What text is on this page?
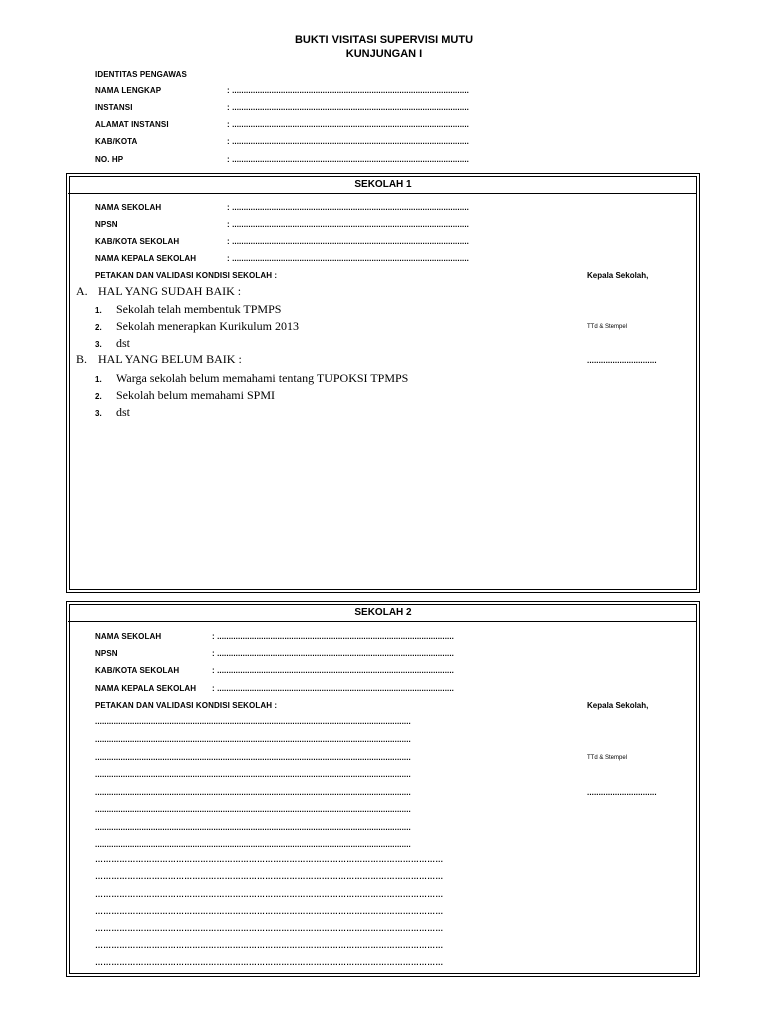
BUKTI VISITASI SUPERVISI MUTU
KUNJUNGAN I
IDENTITAS PENGAWAS
NAMA LENGKAP	: ......................................................................................................
INSTANSI	: ......................................................................................................
ALAMAT INSTANSI	: ......................................................................................................
KAB/KOTA	: ......................................................................................................
NO. HP	: ......................................................................................................
SEKOLAH 1
NAMA SEKOLAH	: ......................................................................................................
NPSN	: ......................................................................................................
KAB/KOTA SEKOLAH	: ......................................................................................................
NAMA KEPALA SEKOLAH	: ......................................................................................................
PETAKAN DAN VALIDASI KONDISI SEKOLAH :	Kepala Sekolah,
A. HAL YANG SUDAH BAIK :
1. Sekolah telah membentuk TPMPS
2. Sekolah menerapkan Kurikulum 2013
3. dst
TTd & Stempel
B. HAL YANG BELUM BAIK :	..............................
1. Warga sekolah belum memahami tentang TUPOKSI TPMPS
2. Sekolah belum memahami SPMI
3. dst
SEKOLAH 2
NAMA SEKOLAH	: ......................................................................................................
NPSN	: ......................................................................................................
KAB/KOTA SEKOLAH	: ......................................................................................................
NAMA KEPALA SEKOLAH : ......................................................................................................
PETAKAN DAN VALIDASI KONDISI SEKOLAH :	Kepala Sekolah,
TTd & Stempel
..............................
........................................................................................................................................
........................................................................................................................................
........................................................................................................................................
........................................................................................................................................
........................................................................................................................................
........................................................................................................................................
........................................................................................................................................
........................................................................................................................................
…………………………………………………………………………………………………………………
…………………………………………………………………………………………………………………
…………………………………………………………………………………………………………………
…………………………………………………………………………………………………………………
…………………………………………………………………………………………………………………
…………………………………………………………………………………………………………………
…………………………………………………………………………………………………………………
